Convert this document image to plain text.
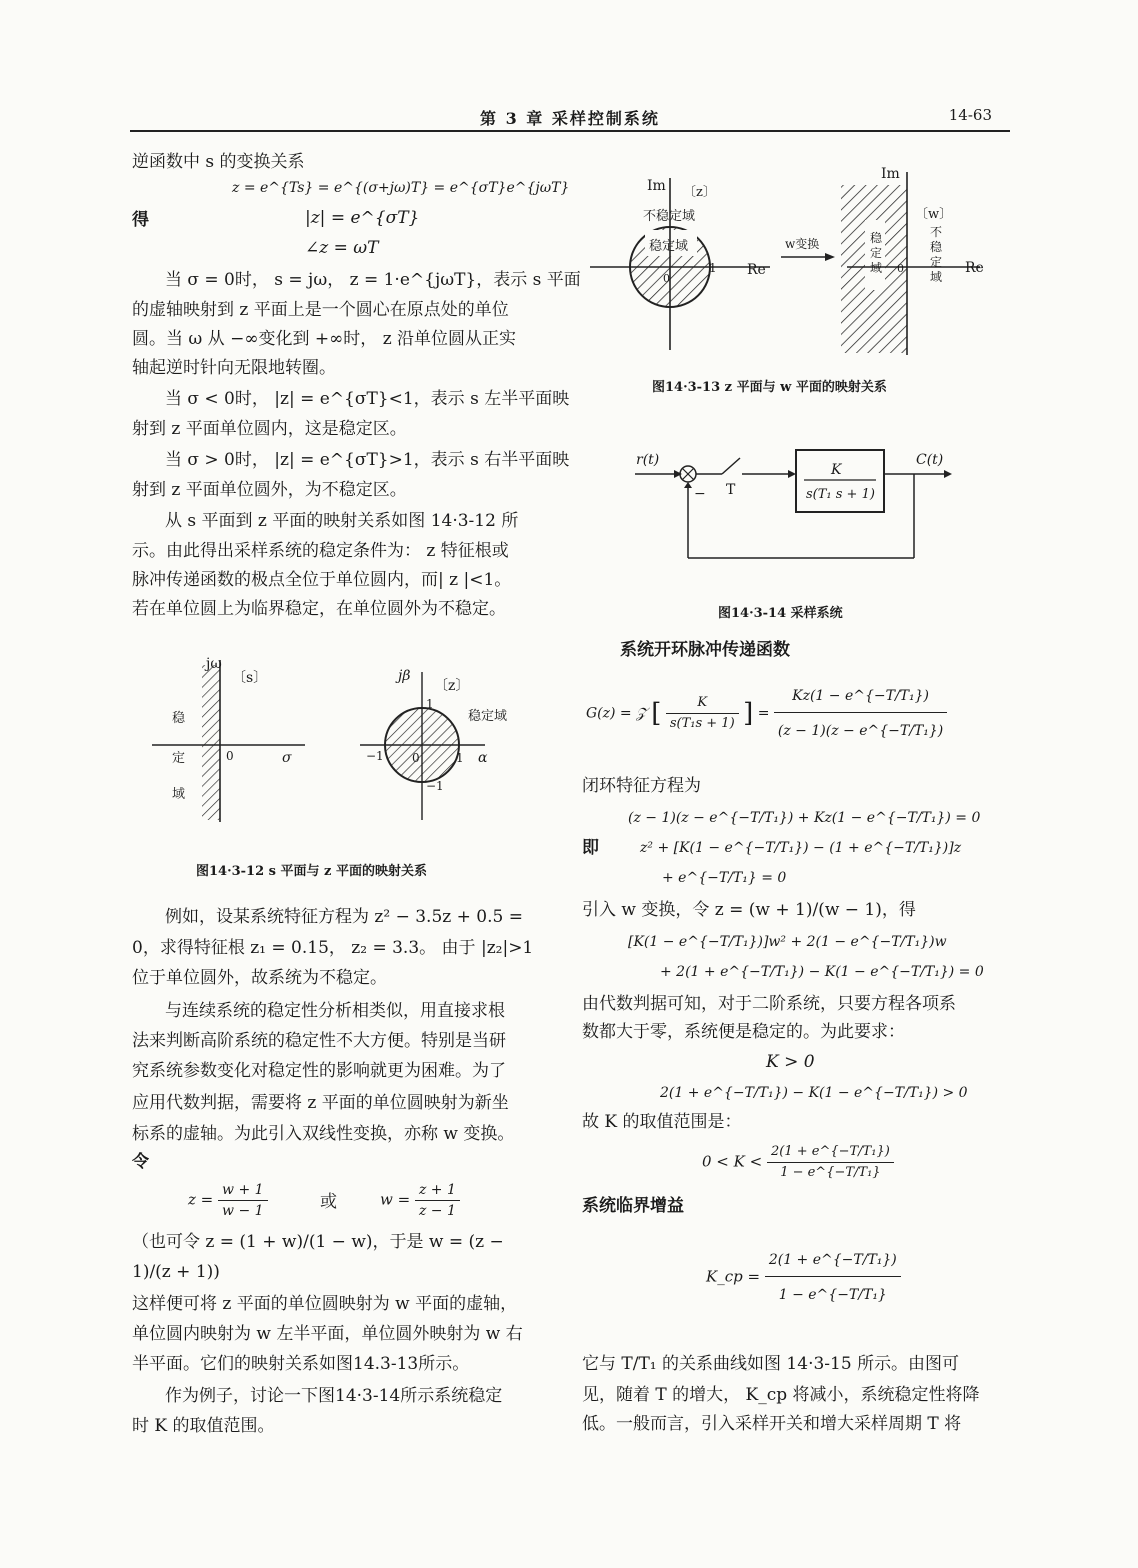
第 3 章 采样控制系统	14-63
逆函数中 s 的变换关系
z = e^{Ts} = e^{(σ+jω)T} = e^{σT}e^{jωT}
得	|z| = e^{σT}
∠z = ωT
当 σ = 0时， s = jω， z = 1·e^{jωT}，表示 s 平面
的虚轴映射到 z 平面上是一个圆心在原点处的单位
圆。当 ω 从 −∞变化到 +∞时， z 沿单位圆从正实
轴起逆时针向无限地转圈。
当 σ < 0时， |z| = e^{σT}<1，表示 s 左半平面映
射到 z 平面单位圆内，这是稳定区。
当 σ > 0时， |z| = e^{σT}>1，表示 s 右半平面映
射到 z 平面单位圆外，为不稳定区。
从 s 平面到 z 平面的映射关系如图 14·3-12 所
示。由此得出采样系统的稳定条件为： z 特征根或
脉冲传递函数的极点全位于单位圆内，而| z |<1。
若在单位圆上为临界稳定，在单位圆外为不稳定。
jω
〔s〕
0	σ
稳
定
域
jβ
〔z〕
1
−1 0	1 α
−1
稳定域
图14·3-12 s 平面与 z 平面的映射关系
例如，设某系统特征方程为 z² − 3.5z + 0.5 =
0，求得特征根 z₁ = 0.15， z₂ = 3.3。 由于 |z₂|>1
位于单位圆外，故系统为不稳定。
与连续系统的稳定性分析相类似，用直接求根
法来判断高阶系统的稳定性不大方便。特别是当研
究系统参数变化对稳定性的影响就更为困难。为了
应用代数判据，需要将 z 平面的单位圆映射为新坐
标系的虚轴。为此引入双线性变换，亦称 w 变换。
令
$z = \frac{w + 1}{w - 1}$	或	$w = \frac{z + 1}{z - 1}$
（也可令 z = (1 + w)/(1 − w)，于是 w = (z −
1)/(z + 1))
这样便可将 z 平面的单位圆映射为 w 平面的虚轴，
单位圆内映射为 w 左半平面，单位圆外映射为 w 右
半平面。它们的映射关系如图14.3-13所示。
作为例子，讨论一下图14·3-14所示系统稳定
时 K 的取值范围。
Im 〔z〕
不稳定域
稳定域
0
1 Re
w变换
Im
〔w〕
稳
定
域 0
不
稳
定
域
Re
图14·3-13 z 平面与 w 平面的映射关系
r(t)
− T
K
s(T₁ s + 1)
C(t)
图14·3-14 采样系统
系统开环脉冲传递函数
G(z) = 𝒵 [ $\frac{K}{\text{s(T₁s + 1)}}$ ] = $\frac{\text{Kz(1 − e\textasciicircum{}\{−T/T₁\})}}{\text{(z − 1)(z − e\textasciicircum{}\{−T/T₁\})}}$
闭环特征方程为
(z − 1)(z − e^{−T/T₁}) + Kz(1 − e^{−T/T₁}) = 0
即	z² + [K(1 − e^{−T/T₁}) − (1 + e^{−T/T₁})]z
+ e^{−T/T₁} = 0
引入 w 变换，令 z = (w + 1)/(w − 1)，得
[K(1 − e^{−T/T₁})]w² + 2(1 − e^{−T/T₁})w
+ 2(1 + e^{−T/T₁}) − K(1 − e^{−T/T₁}) = 0
由代数判据可知，对于二阶系统，只要方程各项系
数都大于零，系统便是稳定的。为此要求：
K > 0
2(1 + e^{−T/T₁}) − K(1 − e^{−T/T₁}) > 0
故 K 的取值范围是：
$0 < K < \frac{\text{2(1 + e\textasciicircum{}\{−T/T₁\})}}{\text{1 − e\textasciicircum{}\{−T/T₁\}}}$
系统临界增益
K_cp = $\frac{\text{2(1 + e\textasciicircum{}\{−T/T₁\})}}{\text{1 − e\textasciicircum{}\{−T/T₁\}}}$
它与 T/T₁ 的关系曲线如图 14·3-15 所示。由图可
见，随着 T 的增大， K_cp 将减小，系统稳定性将降
低。一般而言，引入采样开关和增大采样周期 T 将
